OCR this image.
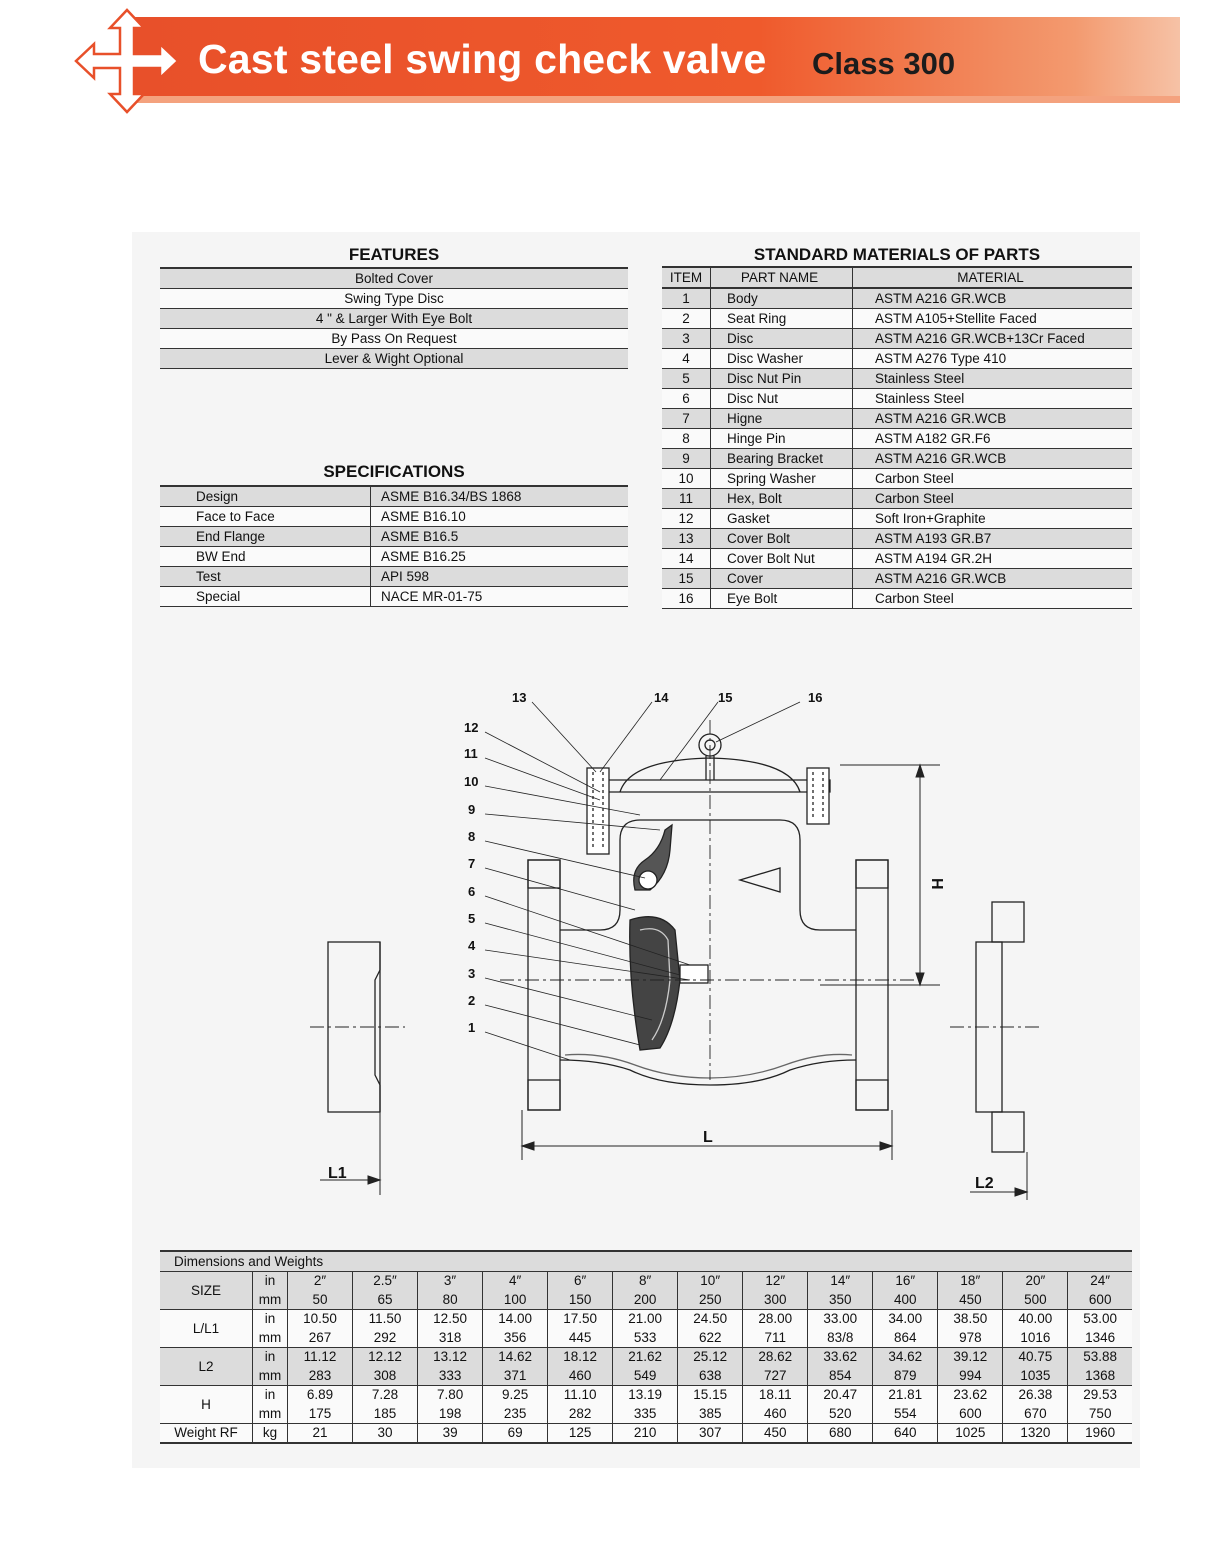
Cast steel swing check valve Class 300
FEATURES
Bolted Cover
Swing Type Disc
4 " & Larger With Eye Bolt
By Pass On Request
Lever & Wight Optional
SPECIFICATIONS
Design	ASME B16.34/BS 1868
Face to Face	ASME B16.10
End Flange	ASME B16.5
BW End	ASME B16.25
Test	API 598
Special	NACE MR-01-75
STANDARD MATERIALS OF PARTS
ITEM	PART NAME	MATERIAL
1	Body	ASTM A216 GR.WCB
2	Seat Ring	ASTM A105+Stellite Faced
3	Disc	ASTM A216 GR.WCB+13Cr Faced
4	Disc Washer	ASTM A276 Type 410
5	Disc Nut Pin	Stainless Steel
6	Disc Nut	Stainless Steel
7	Higne	ASTM A216 GR.WCB
8	Hinge Pin	ASTM A182 GR.F6
9	Bearing Bracket	ASTM A216 GR.WCB
10	Spring Washer	Carbon Steel
11	Hex, Bolt	Carbon Steel
12	Gasket	Soft Iron+Graphite
13	Cover Bolt	ASTM A193 GR.B7
14	Cover Bolt Nut	ASTM A194 GR.2H
15	Cover	ASTM A216 GR.WCB
16	Eye Bolt	Carbon Steel
13	14	15	16
12
11
10
9
8
7
6
5
4
3
2
1
L
H
L1
L2
Dimensions and Weights														
SIZE	in	2″	2.5″	3″	4″	6″	8″	10″	12″	14″	16″	18″	20″	24″
	mm	50	65	80	100	150	200	250	300	350	400	450	500	600
L/L1	in	10.50	11.50	12.50	14.00	17.50	21.00	24.50	28.00	33.00	34.00	38.50	40.00	53.00
	mm	267	292	318	356	445	533	622	711	83/8	864	978	1016	1346
L2	in	11.12	12.12	13.12	14.62	18.12	21.62	25.12	28.62	33.62	34.62	39.12	40.75	53.88
	mm	283	308	333	371	460	549	638	727	854	879	994	1035	1368
H	in	6.89	7.28	7.80	9.25	11.10	13.19	15.15	18.11	20.47	21.81	23.62	26.38	29.53
	mm	175	185	198	235	282	335	385	460	520	554	600	670	750
Weight RF	kg	21	30	39	69	125	210	307	450	680	640	1025	1320	1960
